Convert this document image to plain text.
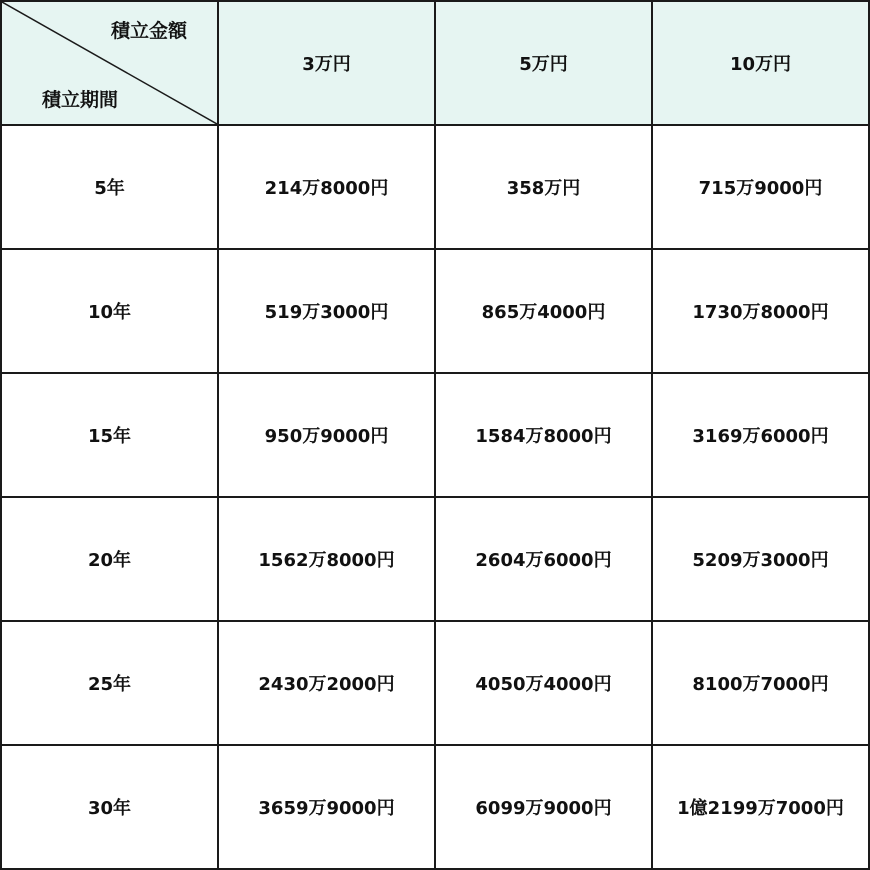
積立金額
積立期間	3万円	5万円	10万円
5年	214万8000円	358万円	715万9000円
10年	519万3000円	865万4000円	1730万8000円
15年	950万9000円	1584万8000円	3169万6000円
20年	1562万8000円	2604万6000円	5209万3000円
25年	2430万2000円	4050万4000円	8100万7000円
30年	3659万9000円	6099万9000円	1億2199万7000円
